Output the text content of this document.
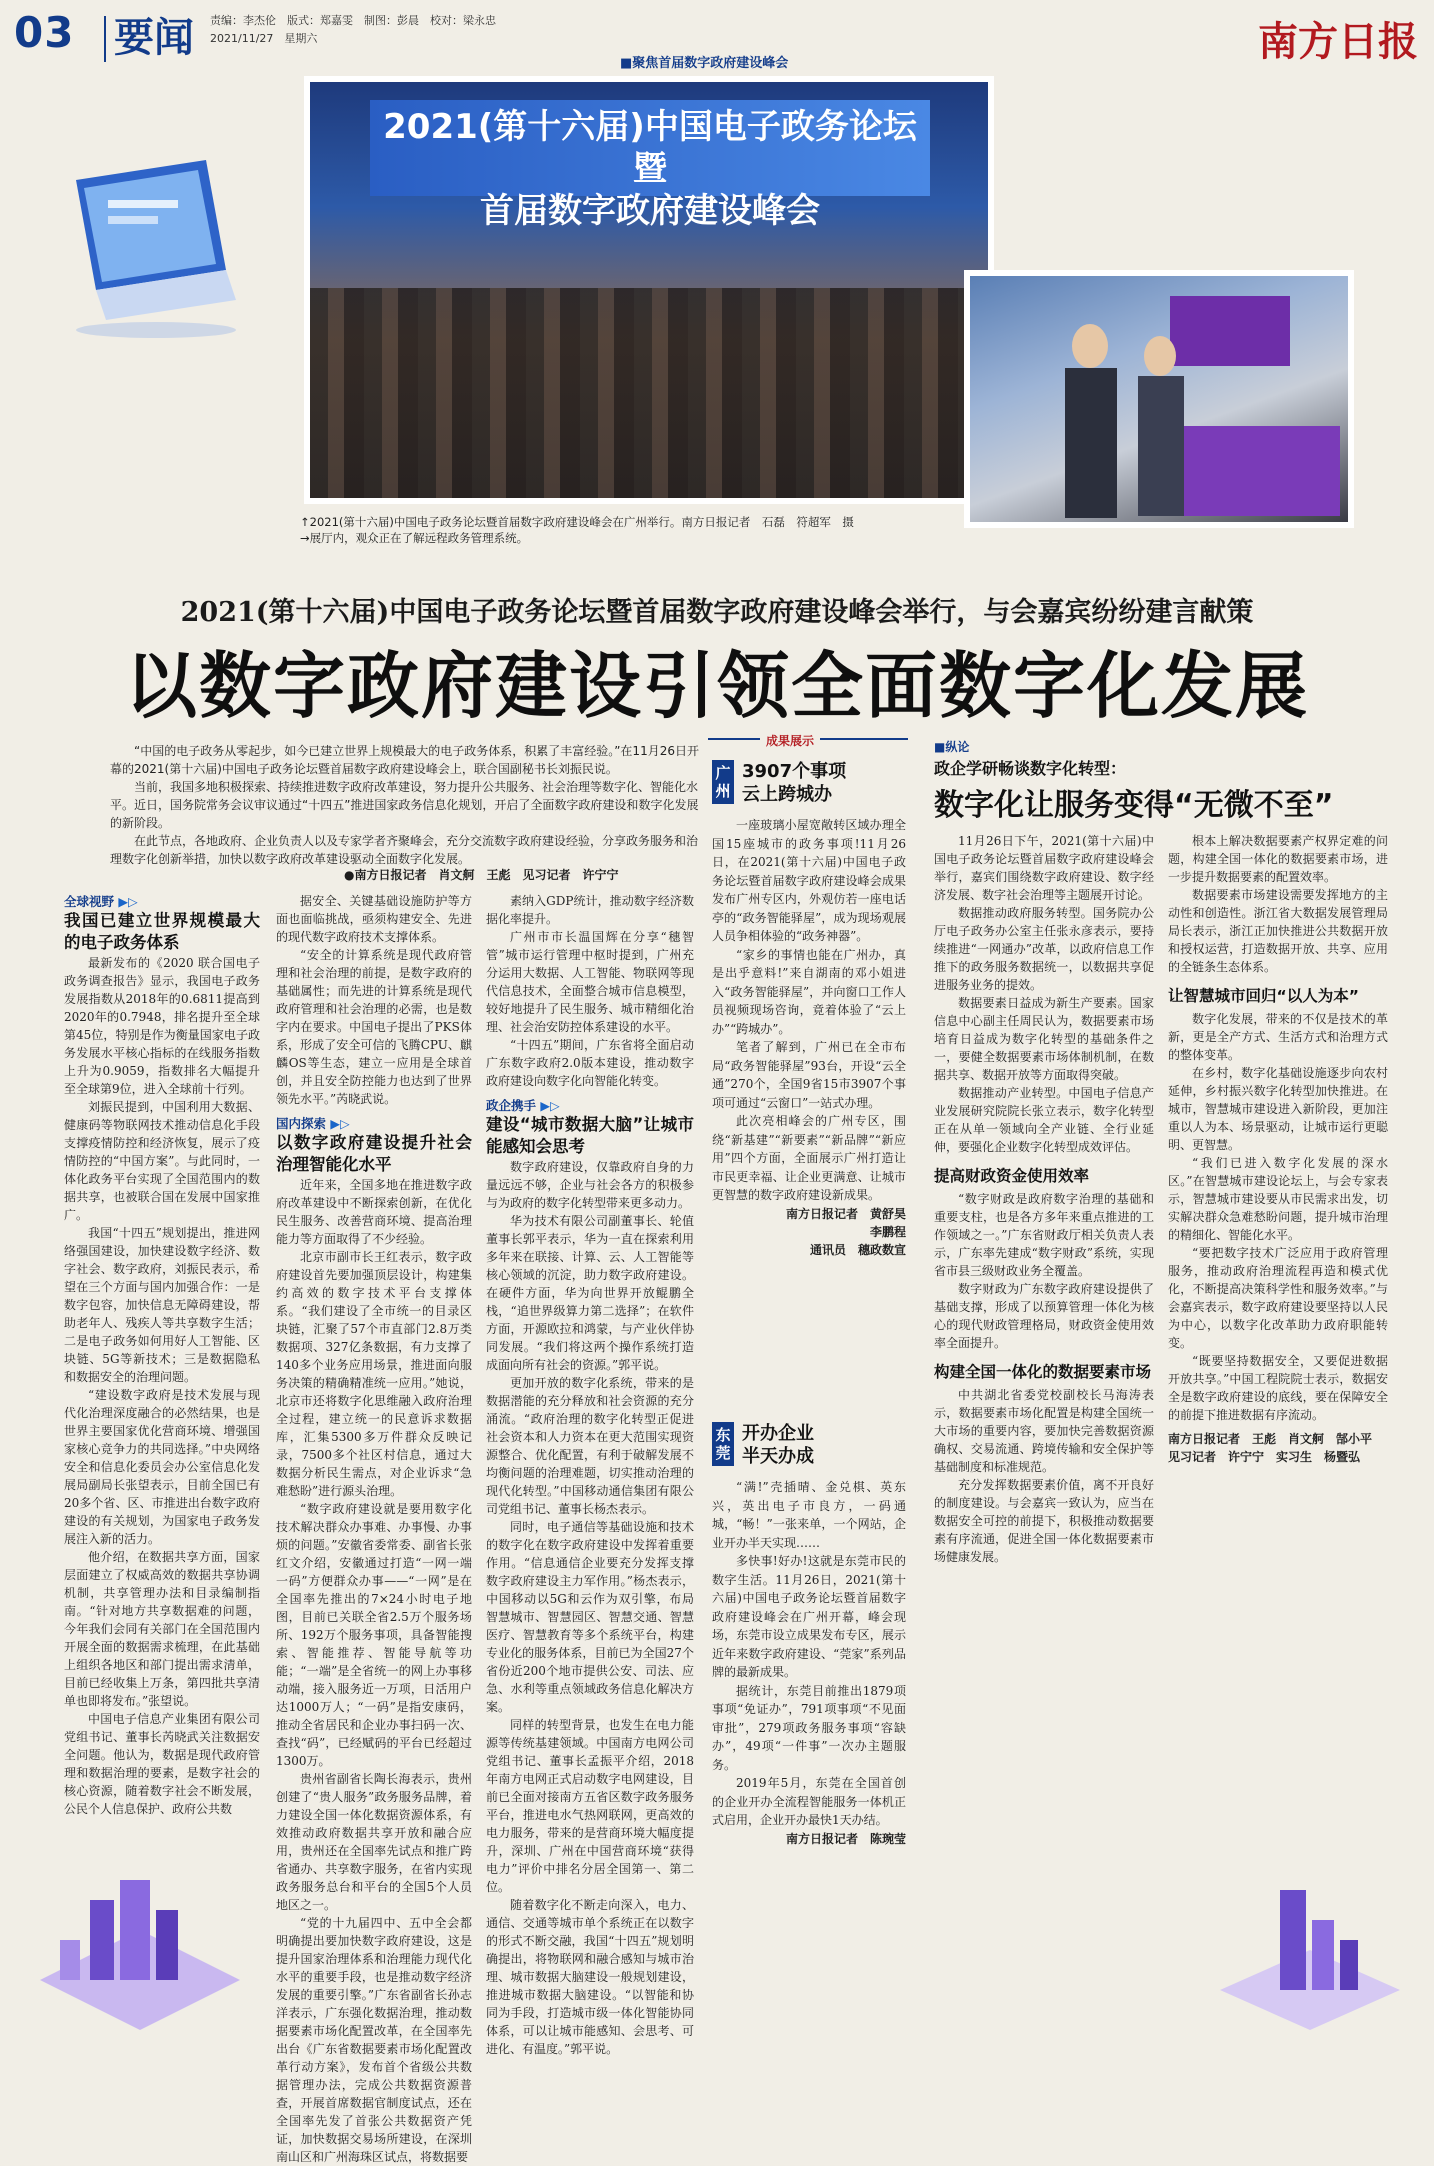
03 要闻 责编：李杰伦　版式：郑嘉雯　制图：彭晨　校对：梁永忠
2021/11/27　星期六
■聚焦首届数字政府建设峰会	南方日报
2021(第十六届)中国电子政务论坛暨
首届数字政府建设峰会
↑2021(第十六届)中国电子政务论坛暨首届数字政府建设峰会在广州举行。南方日报记者　石磊　符超军　摄
→展厅内，观众正在了解远程政务管理系统。
2021(第十六届)中国电子政务论坛暨首届数字政府建设峰会举行，与会嘉宾纷纷建言献策
以数字政府建设引领全面数字化发展

“中国的电子政务从零起步，如今已建立世界上规模最大的电子政务体系，积累了丰富经验。”在11月26日开幕的2021(第十六届)中国电子政务论坛暨首届数字政府建设峰会上，联合国副秘书长刘振民说。

当前，我国多地积极探索、持续推进数字政府改革建设，努力提升公共服务、社会治理等数字化、智能化水平。近日，国务院常务会议审议通过“十四五”推进国家政务信息化规划，开启了全面数字政府建设和数字化发展的新阶段。

在此节点，各地政府、企业负责人以及专家学者齐聚峰会，充分交流数字政府建设经验，分享政务服务和治理数字化创新举措，加快以数字政府改革建设驱动全面数字化发展。

●南方日报记者　肖文舸　王彪　见习记者　许宁宁
全球视野 ▶▷
我国已建立世界规模最大的电子政务体系

最新发布的《2020 联合国电子政务调查报告》显示，我国电子政务发展指数从2018年的0.6811提高到2020年的0.7948，排名提升至全球第45位，特别是作为衡量国家电子政务发展水平核心指标的在线服务指数上升为0.9059，指数排名大幅提升至全球第9位，进入全球前十行列。

刘振民提到，中国利用大数据、健康码等物联网技术推动信息化手段支撑疫情防控和经济恢复，展示了疫情防控的“中国方案”。与此同时，一体化政务平台实现了全国范围内的数据共享，也被联合国在发展中国家推广。

我国“十四五”规划提出，推进网络强国建设，加快建设数字经济、数字社会、数字政府，刘振民表示，希望在三个方面与国内加强合作：一是数字包容，加快信息无障碍建设，帮助老年人、残疾人等共享数字生活；二是电子政务如何用好人工智能、区块链、5G等新技术；三是数据隐私和数据安全的治理问题。

“建设数字政府是技术发展与现代化治理深度融合的必然结果，也是世界主要国家优化营商环境、增强国家核心竞争力的共同选择。”中央网络安全和信息化委员会办公室信息化发展局副局长张望表示，目前全国已有20多个省、区、市推进出台数字政府建设的有关规划，为国家电子政务发展注入新的活力。

他介绍，在数据共享方面，国家层面建立了权威高效的数据共享协调机制，共享管理办法和目录编制指南。“针对地方共享数据难的问题，今年我们会同有关部门在全国范围内开展全面的数据需求梳理，在此基础上组织各地区和部门提出需求清单，目前已经收集上万条，第四批共享清单也即将发布。”张望说。

中国电子信息产业集团有限公司党组书记、董事长芮晓武关注数据安全问题。他认为，数据是现代政府管理和数据治理的要素，是数字社会的核心资源，随着数字社会不断发展，公民个人信息保护、政府公共数

据安全、关键基础设施防护等方面也面临挑战，亟须构建安全、先进的现代数字政府技术支撑体系。

“安全的计算系统是现代政府管理和社会治理的前提，是数字政府的基础属性；而先进的计算系统是现代政府管理和社会治理的必需，也是数字内在要求。中国电子提出了PKS体系，形成了安全可信的飞腾CPU、麒麟OS等生态，建立一应用是全球首创，并且安全防控能力也达到了世界领先水平。”芮晓武说。

国内探索 ▶▷
以数字政府建设提升社会治理智能化水平

近年来，全国多地在推进数字政府改革建设中不断探索创新，在优化民生服务、改善营商环境、提高治理能力等方面取得了不少经验。

北京市副市长王红表示，数字政府建设首先要加强顶层设计，构建集约高效的数字技术平台支撑体系。“我们建设了全市统一的目录区块链，汇聚了57个市直部门2.8万类数据项、327亿条数据，有力支撑了140多个业务应用场景，推进面向服务决策的精确精准统一应用。”她说，北京市还将数字化思维融入政府治理全过程，建立统一的民意诉求数据库，汇集5300多万件群众反映记录，7500多个社区村信息，通过大数据分析民生需点，对企业诉求“急难愁盼”进行源头治理。

“数字政府建设就是要用数字化技术解决群众办事难、办事慢、办事烦的问题。”安徽省委常委、副省长张红文介绍，安徽通过打造“一网一端一码”方便群众办事——“一网”是在全国率先推出的7×24小时电子地图，目前已关联全省2.5万个服务场所、192万个服务事项，具备智能搜索、智能推荐、智能导航等功能；“一端”是全省统一的网上办事移动端，接入服务近一万项，日活用户达1000万人；“一码”是指安康码，推动全省居民和企业办事扫码一次、查找“码”，已经赋码的平台已经超过1300万。

贵州省副省长陶长海表示，贵州创建了“贵人服务”政务服务品牌，着力建设全国一体化数据资源体系，有效推动政府数据共享开放和融合应用，贵州还在全国率先试点和推广跨省通办、共享数字服务，在省内实现政务服务总台和平台的全国5个人员地区之一。

“党的十九届四中、五中全会都明确提出要加快数字政府建设，这是提升国家治理体系和治理能力现代化水平的重要手段，也是推动数字经济发展的重要引擎。”广东省副省长孙志洋表示，广东强化数据治理，推动数据要素市场化配置改革，在全国率先出台《广东省数据要素市场化配置改革行动方案》，发布首个省级公共数据管理办法，完成公共数据资源普查，开展首席数据官制度试点，还在全国率先发了首张公共数据资产凭证，加快数据交易场所建设，在深圳南山区和广州海珠区试点，将数据要

素纳入GDP统计，推动数字经济数据化率提升。

广州市市长温国辉在分享“穗智管”城市运行管理中枢时提到，广州充分运用大数据、人工智能、物联网等现代信息技术，全面整合城市信息模型，较好地提升了民生服务、城市精细化治理、社会治安防控体系建设的水平。

“十四五”期间，广东省将全面启动广东数字政府2.0版本建设，推动数字政府建设向数字化向智能化转变。

政企携手 ▶▷
建设“城市数据大脑”让城市能感知会思考

数字政府建设，仅靠政府自身的力量远远不够，企业与社会各方的积极参与为政府的数字化转型带来更多动力。

华为技术有限公司副董事长、轮值董事长郭平表示，华为一直在探索利用多年来在联接、计算、云、人工智能等核心领域的沉淀，助力数字政府建设。在硬件方面，华为向世界开放鲲鹏全栈，“追世界级算力第二选择”；在软件方面，开源欧拉和鸿蒙，与产业伙伴协同发展。“我们将这两个操作系统打造成面向所有社会的资源。”郭平说。

更加开放的数字化系统，带来的是数据潜能的充分释放和社会资源的充分涌流。“政府治理的数字化转型正促进社会资本和人力资本在更大范围实现资源整合、优化配置，有利于破解发展不均衡问题的治理难题，切实推动治理的现代化转型。”中国移动通信集团有限公司党组书记、董事长杨杰表示。

同时，电子通信等基础设施和技术的数字化在数字政府建设中发挥着重要作用。“信息通信企业要充分发挥支撑数字政府建设主力军作用。”杨杰表示，中国移动以5G和云作为双引擎，布局智慧城市、智慧园区、智慧交通、智慧医疗、智慧教育等多个系统平台，构建专业化的服务体系，目前已为全国27个省份近200个地市提供公安、司法、应急、水利等重点领域政务信息化解决方案。

同样的转型背景，也发生在电力能源等传统基建领域。中国南方电网公司党组书记、董事长孟振平介绍，2018年南方电网正式启动数字电网建设，目前已全面对接南方五省区数字政务服务平台，推进电水气热网联网，更高效的电力服务，带来的是营商环境大幅度提升，深圳、广州在中国营商环境“获得电力”评价中排名分居全国第一、第二位。

随着数字化不断走向深入，电力、通信、交通等城市单个系统正在以数字的形式不断交融，我国“十四五”规划明确提出，将物联网和融合感知与城市治理、城市数据大脑建设一般规划建设，推进城市数据大脑建设。“以智能和协同为手段，打造城市级一体化智能协同体系，可以让城市能感知、会思考、可进化、有温度。”郭平说。

成果展示
广州
3907个事项
云上跨城办

一座玻璃小屋宽敞转区域办理全国15座城市的政务事项!11月26日，在2021(第十六届)中国电子政务论坛暨首届数字政府建设峰会成果发布广州专区内，外观仿若一座电话亭的“政务智能驿屋”，成为现场观展人员争相体验的“政务神器”。

“家乡的事情也能在广州办，真是出乎意料!”来自湖南的邓小姐进入“政务智能驿屋”，并向窗口工作人员视频现场咨询，竟着体验了“云上办”“跨城办”。

笔者了解到，广州已在全市布局“政务智能驿屋”93台，开设“云全通”270个，全国9省15市3907个事项可通过“云窗口”一站式办理。

此次亮相峰会的广州专区，围绕“新基建”“新要素”“新品牌”“新应用”四个方面，全面展示广州打造让市民更幸福、让企业更满意、让城市更智慧的数字政府建设新成果。

南方日报记者　黄舒昊
李鹏程
通讯员　穗政数宣
东莞
开办企业
半天办成

“满!”壳插晴、金兑棋、英东兴，英出电子市良方，一码通城，“畅！”一张来单，一个网站，企业开办半天实现……

多快事!好办!这就是东莞市民的数字生活。11月26日，2021(第十六届)中国电子政务论坛暨首届数字政府建设峰会在广州开幕，峰会现场，东莞市设立成果发布专区，展示近年来数字政府建设、“莞家”系列品牌的最新成果。

据统计，东莞目前推出1879项事项“免证办”，791项事项“不见面审批”，279项政务服务事项“容缺办”，49项“一件事”一次办主题服务。

2019年5月，东莞在全国首创的企业开办全流程智能服务一体机正式启用，企业开办最快1天办结。

南方日报记者　陈琬莹
■纵论
政企学研畅谈数字化转型：
数字化让服务变得“无微不至”

11月26日下午，2021(第十六届)中国电子政务论坛暨首届数字政府建设峰会举行，嘉宾们围绕数字政府建设、数字经济发展、数字社会治理等主题展开讨论。

数据推动政府服务转型。国务院办公厅电子政务办公室主任张永彦表示，要持续推进“一网通办”改革，以政府信息工作推下的政务服务数据统一，以数据共享促进服务业务的提效。

数据要素日益成为新生产要素。国家信息中心副主任周民认为，数据要素市场培育日益成为数字化转型的基础条件之一，要健全数据要素市场体制机制，在数据共享、数据开放等方面取得突破。

数据推动产业转型。中国电子信息产业发展研究院院长张立表示，数字化转型正在从单一领域向全产业链、全行业延伸，要强化企业数字化转型成效评估。

提高财政资金使用效率

“数字财政是政府数字治理的基础和重要支柱，也是各方多年来重点推进的工作领域之一。”广东省财政厅相关负责人表示，广东率先建成“数字财政”系统，实现省市县三级财政业务全覆盖。

数字财政为广东数字政府建设提供了基础支撑，形成了以预算管理一体化为核心的现代财政管理格局，财政资金使用效率全面提升。

构建全国一体化的数据要素市场

中共湖北省委党校副校长马海涛表示，数据要素市场化配置是构建全国统一大市场的重要内容，要加快完善数据资源确权、交易流通、跨境传输和安全保护等基础制度和标准规范。

充分发挥数据要素价值，离不开良好的制度建设。与会嘉宾一致认为，应当在数据安全可控的前提下，积极推动数据要素有序流通，促进全国一体化数据要素市场健康发展。

根本上解决数据要素产权界定难的问题，构建全国一体化的数据要素市场，进一步提升数据要素的配置效率。

数据要素市场建设需要发挥地方的主动性和创造性。浙江省大数据发展管理局局长表示，浙江正加快推进公共数据开放和授权运营，打造数据开放、共享、应用的全链条生态体系。

让智慧城市回归“以人为本”

数字化发展，带来的不仅是技术的革新，更是全产方式、生活方式和治理方式的整体变革。

在乡村，数字化基础设施逐步向农村延伸，乡村振兴数字化转型加快推进。在城市，智慧城市建设进入新阶段，更加注重以人为本、场景驱动，让城市运行更聪明、更智慧。

“我们已进入数字化发展的深水区。”在智慧城市建设论坛上，与会专家表示，智慧城市建设要从市民需求出发，切实解决群众急难愁盼问题，提升城市治理的精细化、智能化水平。

“要把数字技术广泛应用于政府管理服务，推动政府治理流程再造和模式优化，不断提高决策科学性和服务效率。”与会嘉宾表示，数字政府建设要坚持以人民为中心，以数字化改革助力政府职能转变。

“既要坚持数据安全，又要促进数据开放共享。”中国工程院院士表示，数据安全是数字政府建设的底线，要在保障安全的前提下推进数据有序流动。

南方日报记者　王彪　肖文舸　郜小平
见习记者　许宁宁　实习生　杨暨弘
